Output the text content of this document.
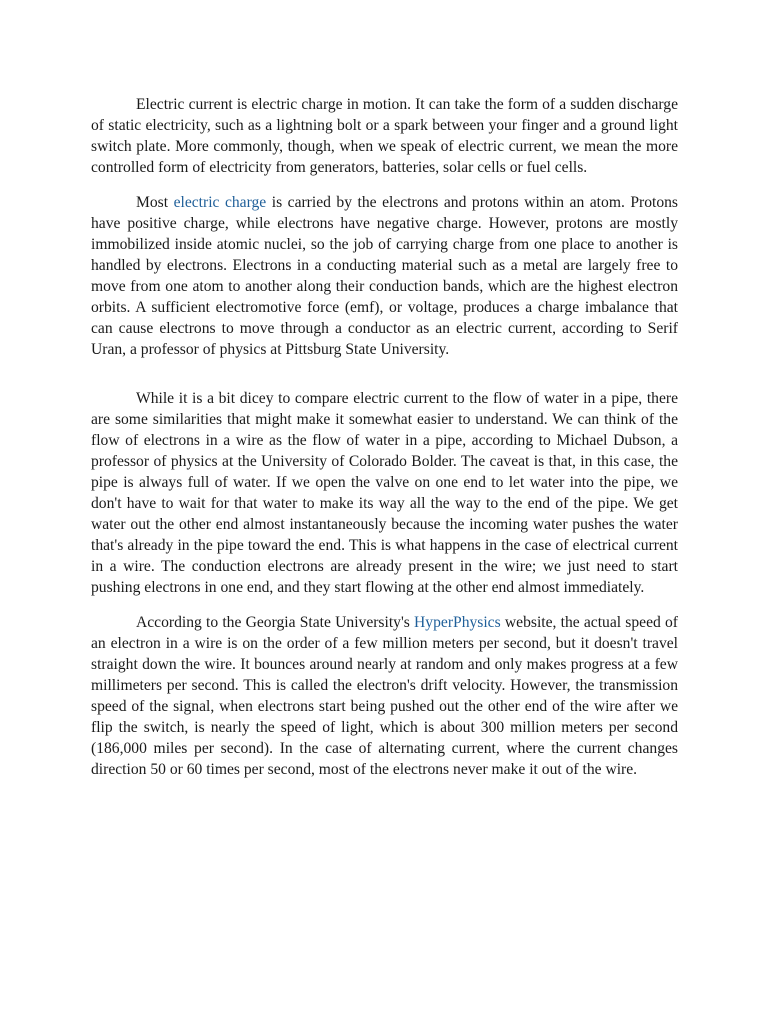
Electric current is electric charge in motion. It can take the form of a sudden discharge of static electricity, such as a lightning bolt or a spark between your finger and a ground light switch plate. More commonly, though, when we speak of electric current, we mean the more controlled form of electricity from generators, batteries, solar cells or fuel cells.

Most electric charge is carried by the electrons and protons within an atom. Protons have positive charge, while electrons have negative charge. However, protons are mostly immobilized inside atomic nuclei, so the job of carrying charge from one place to another is handled by electrons. Electrons in a conducting material such as a metal are largely free to move from one atom to another along their conduction bands, which are the highest electron orbits. A sufficient electromotive force (emf), or voltage, produces a charge imbalance that can cause electrons to move through a conductor as an electric current, according to Serif Uran, a professor of physics at Pittsburg State University.

While it is a bit dicey to compare electric current to the flow of water in a pipe, there are some similarities that might make it somewhat easier to understand. We can think of the flow of electrons in a wire as the flow of water in a pipe, according to Michael Dubson, a professor of physics at the University of Colorado Bolder. The caveat is that, in this case, the pipe is always full of water. If we open the valve on one end to let water into the pipe, we don't have to wait for that water to make its way all the way to the end of the pipe. We get water out the other end almost instantaneously because the incoming water pushes the water that's already in the pipe toward the end. This is what happens in the case of electrical current in a wire. The conduction electrons are already present in the wire; we just need to start pushing electrons in one end, and they start flowing at the other end almost immediately.

According to the Georgia State University's HyperPhysics website, the actual speed of an electron in a wire is on the order of a few million meters per second, but it doesn't travel straight down the wire. It bounces around nearly at random and only makes progress at a few millimeters per second. This is called the electron's drift velocity. However, the transmission speed of the signal, when electrons start being pushed out the other end of the wire after we flip the switch, is nearly the speed of light, which is about 300 million meters per second (186,000 miles per second). In the case of alternating current, where the current changes direction 50 or 60 times per second, most of the electrons never make it out of the wire.
